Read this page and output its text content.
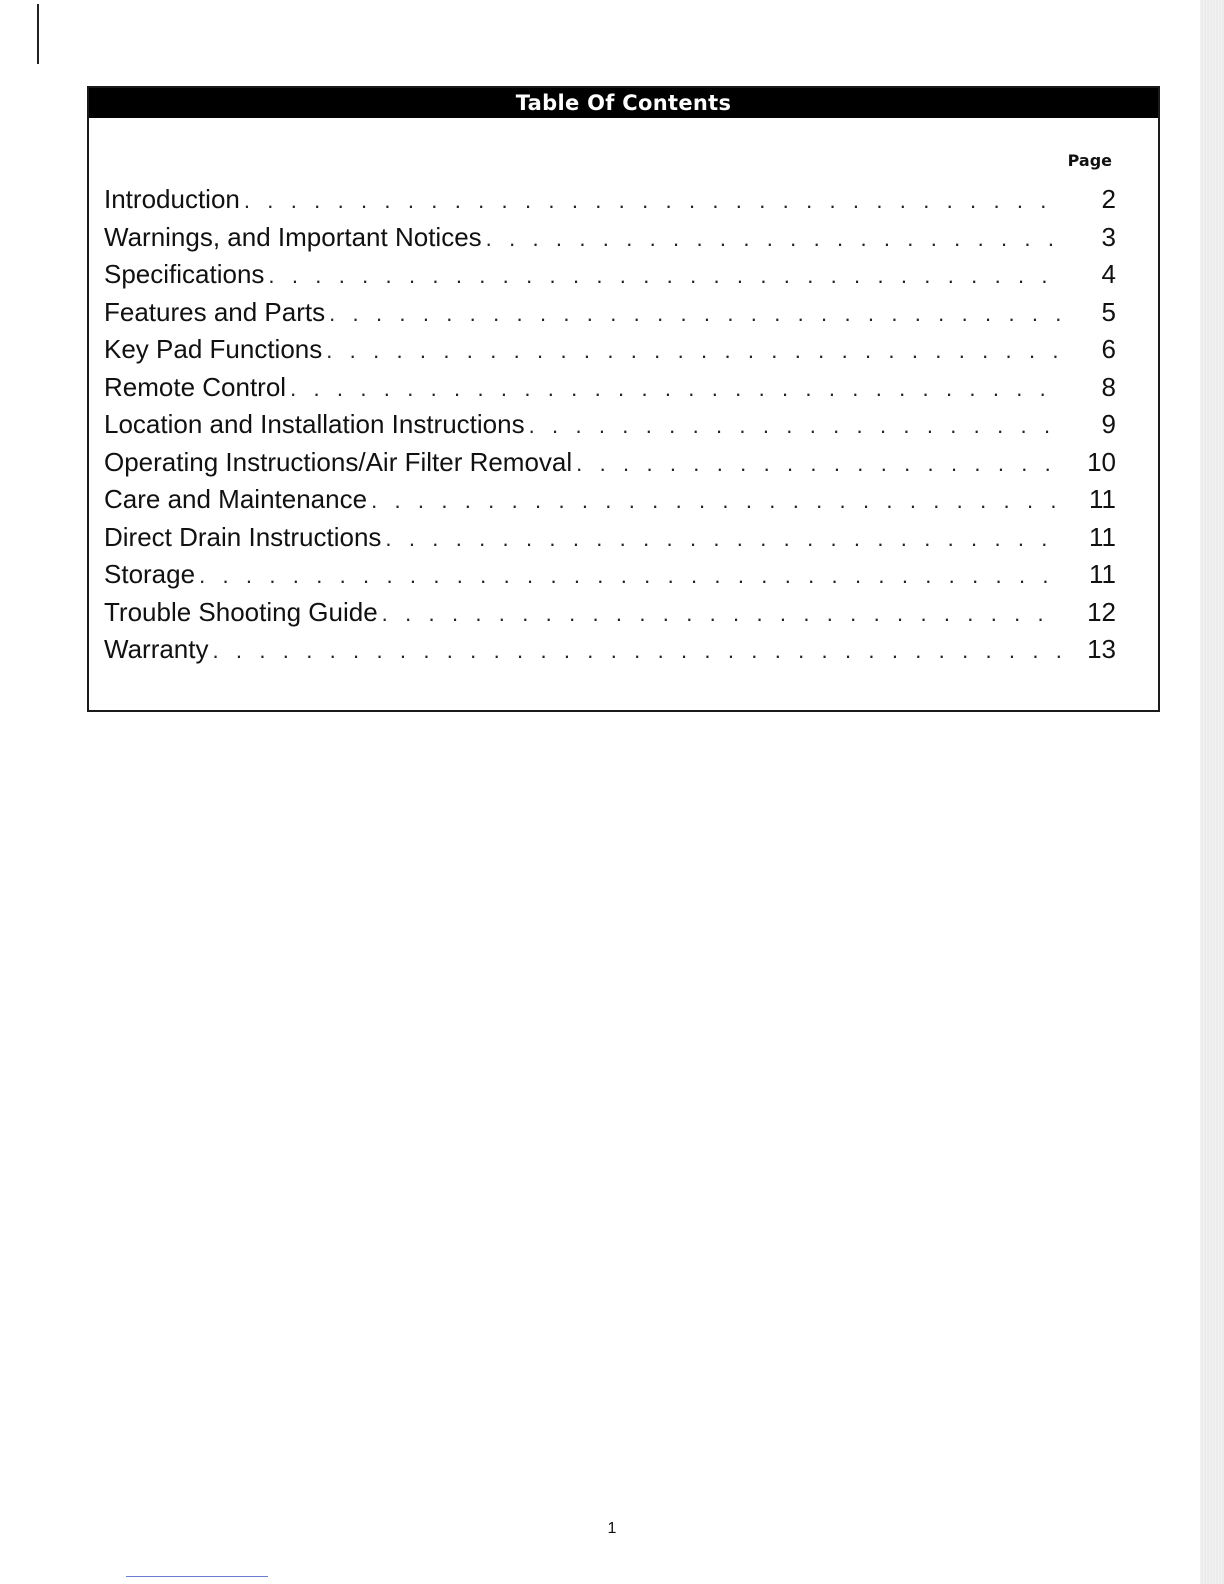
Table Of Contents
Page
Introduction . . .	2
Warnings, and Important Notices . . .	3
Specifications . . .	4
Features and Parts . . .	5
Key Pad Functions . . .	6
Remote Control . . .	8
Location and Installation Instructions . . .	9
Operating Instructions/Air Filter Removal . . .	10
Care and Maintenance . . .	11
Direct Drain Instructions . . .	11
Storage . . .	11
Trouble Shooting Guide . . .	12
Warranty . . .	13
1
